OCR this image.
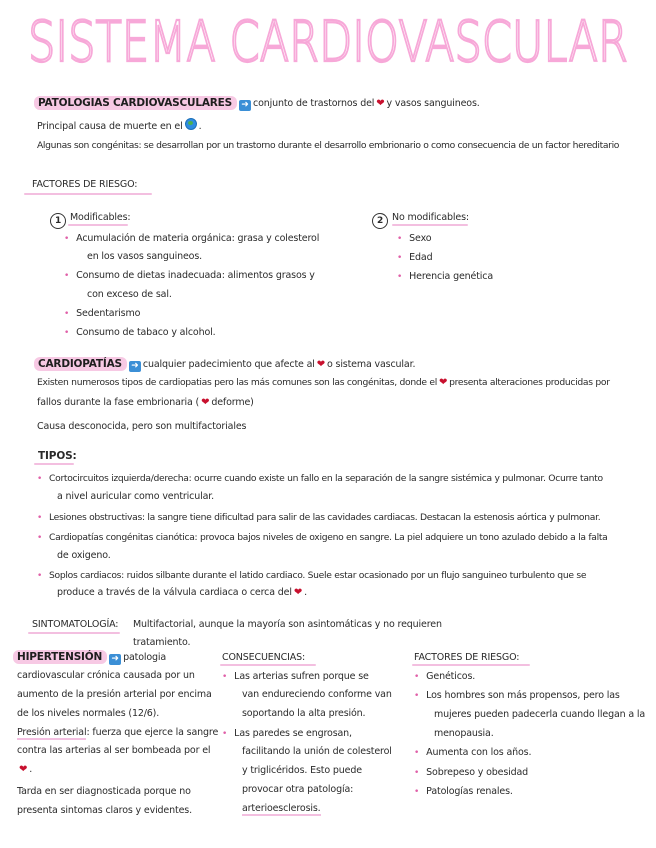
SISTEMA CARDIOVASCULAR
PATOLOGIAS CARDIOVASCULARES ➜ conjunto de trastornos del ❤ y vasos sanguineos.
Principal causa de muerte en el .
Algunas son congénitas: se desarrollan por un trastorno durante el desarrollo embrionario o como consecuencia de un factor hereditario
FACTORES DE RIESGO:
1 Modificables:
• Acumulación de materia orgánica: grasa y colesterol
en los vasos sanguineos.
• Consumo de dietas inadecuada: alimentos grasos y
con exceso de sal.
• Sedentarismo
• Consumo de tabaco y alcohol.
2 No modificables:
• Sexo
• Edad
• Herencia genética
CARDIOPATÍAS ➜ cualquier padecimiento que afecte al ❤ o sistema vascular.
Existen numerosos tipos de cardiopatias pero las más comunes son las congénitas, donde el ❤ presenta alteraciones producidas por
fallos durante la fase embrionaria ( ❤ deforme)
Causa desconocida, pero son multifactoriales
TIPOS:
• Cortocircuitos izquierda/derecha: ocurre cuando existe un fallo en la separación de la sangre sistémica y pulmonar. Ocurre tanto
a nivel auricular como ventricular.
• Lesiones obstructivas: la sangre tiene dificultad para salir de las cavidades cardiacas. Destacan la estenosis aórtica y pulmonar.
• Cardiopatías congénitas cianótica: provoca bajos niveles de oxigeno en sangre. La piel adquiere un tono azulado debido a la falta
de oxigeno.
• Soplos cardiacos: ruidos silbante durante el latido cardiaco. Suele estar ocasionado por un flujo sanguineo turbulento que se
produce a través de la válvula cardiaca o cerca del ❤ .
SINTOMATOLOGÍA: Multifactorial, aunque la mayoría son asintomáticas y no requieren
tratamiento.
HIPERTENSIÓN ➜ patologia
cardiovascular crónica causada por un
aumento de la presión arterial por encima
de los niveles normales (12/6).
Presión arterial: fuerza que ejerce la sangre
contra las arterias al ser bombeada por el
❤ .
Tarda en ser diagnosticada porque no
presenta sintomas claros y evidentes.
CONSECUENCIAS:
• Las arterias sufren porque se
van endureciendo conforme van
soportando la alta presión.
• Las paredes se engrosan,
facilitando la unión de colesterol
y triglicéridos. Esto puede
provocar otra patología:
arterioesclerosis.
FACTORES DE RIESGO:
• Genéticos.
• Los hombres son más propensos, pero las
mujeres pueden padecerla cuando llegan a la
menopausia.
• Aumenta con los años.
• Sobrepeso y obesidad
• Patologías renales.
